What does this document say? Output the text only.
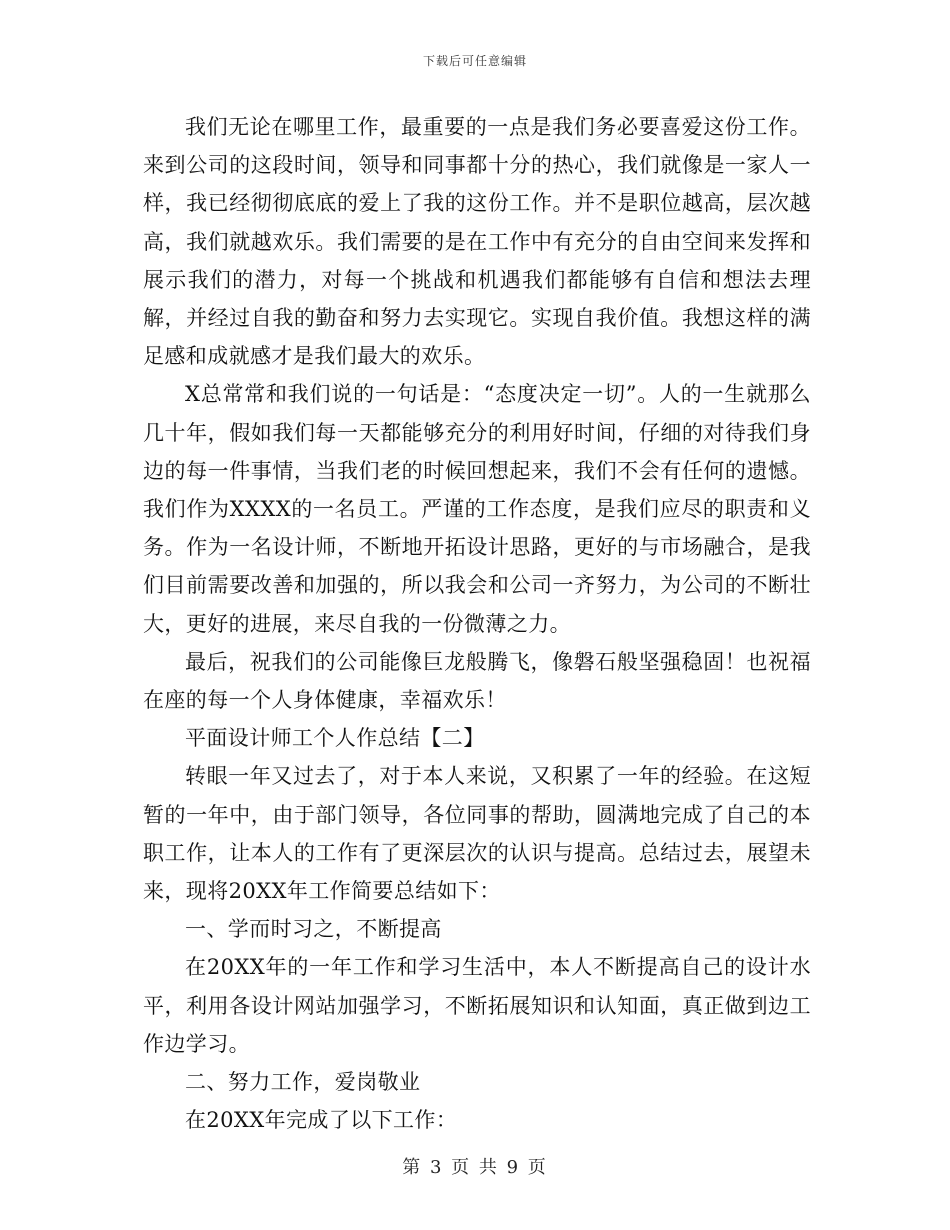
下载后可任意编辑

我们无论在哪里工作，最重要的一点是我们务必要喜爱这份工作。来到公司的这段时间，领导和同事都十分的热心，我们就像是一家人一样，我已经彻彻底底的爱上了我的这份工作。并不是职位越高，层次越高，我们就越欢乐。我们需要的是在工作中有充分的自由空间来发挥和展示我们的潜力，对每一个挑战和机遇我们都能够有自信和想法去理解，并经过自我的勤奋和努力去实现它。实现自我价值。我想这样的满足感和成就感才是我们最大的欢乐。

X总常常和我们说的一句话是：“态度决定一切”。人的一生就那么几十年，假如我们每一天都能够充分的利用好时间，仔细的对待我们身边的每一件事情，当我们老的时候回想起来，我们不会有任何的遗憾。我们作为XXXX的一名员工。严谨的工作态度，是我们应尽的职责和义务。作为一名设计师，不断地开拓设计思路，更好的与市场融合，是我们目前需要改善和加强的，所以我会和公司一齐努力，为公司的不断壮大，更好的进展，来尽自我的一份微薄之力。

最后，祝我们的公司能像巨龙般腾飞，像磐石般坚强稳固！也祝福在座的每一个人身体健康，幸福欢乐！

平面设计师工个人作总结【二】

转眼一年又过去了，对于本人来说，又积累了一年的经验。在这短暂的一年中，由于部门领导，各位同事的帮助，圆满地完成了自己的本职工作，让本人的工作有了更深层次的认识与提高。总结过去，展望未来，现将20XX年工作简要总结如下：

一、学而时习之，不断提高

在20XX年的一年工作和学习生活中，本人不断提高自己的设计水平，利用各设计网站加强学习，不断拓展知识和认知面，真正做到边工作边学习。

二、努力工作，爱岗敬业

在20XX年完成了以下工作：

第 3 页 共 9 页
